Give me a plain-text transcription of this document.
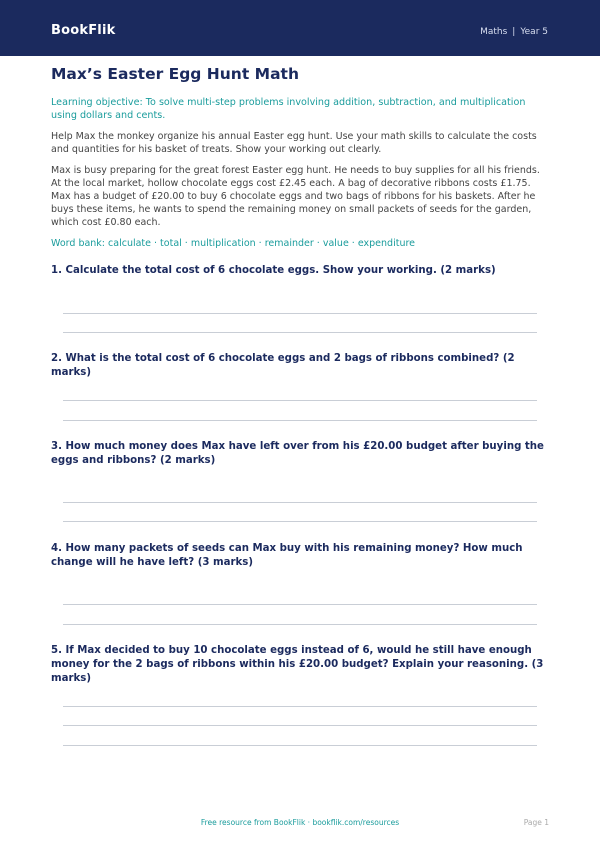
BookFlik	Maths | Year 5
Max’s Easter Egg Hunt Math
Learning objective: To solve multi-step problems involving addition, subtraction, and multiplication using dollars and cents.
Help Max the monkey organize his annual Easter egg hunt. Use your math skills to calculate the costs and quantities for his basket of treats. Show your working out clearly.
Max is busy preparing for the great forest Easter egg hunt. He needs to buy supplies for all his friends. At the local market, hollow chocolate eggs cost £2.45 each. A bag of decorative ribbons costs £1.75. Max has a budget of £20.00 to buy 6 chocolate eggs and two bags of ribbons for his baskets. After he buys these items, he wants to spend the remaining money on small packets of seeds for the garden, which cost £0.80 each.
Word bank: calculate · total · multiplication · remainder · value · expenditure
1. Calculate the total cost of 6 chocolate eggs. Show your working. (2 marks)
2. What is the total cost of 6 chocolate eggs and 2 bags of ribbons combined? (2 marks)
3. How much money does Max have left over from his £20.00 budget after buying the eggs and ribbons? (2 marks)
4. How many packets of seeds can Max buy with his remaining money? How much change will he have left? (3 marks)
5. If Max decided to buy 10 chocolate eggs instead of 6, would he still have enough money for the 2 bags of ribbons within his £20.00 budget? Explain your reasoning. (3 marks)
Free resource from BookFlik · bookflik.com/resources	Page 1
